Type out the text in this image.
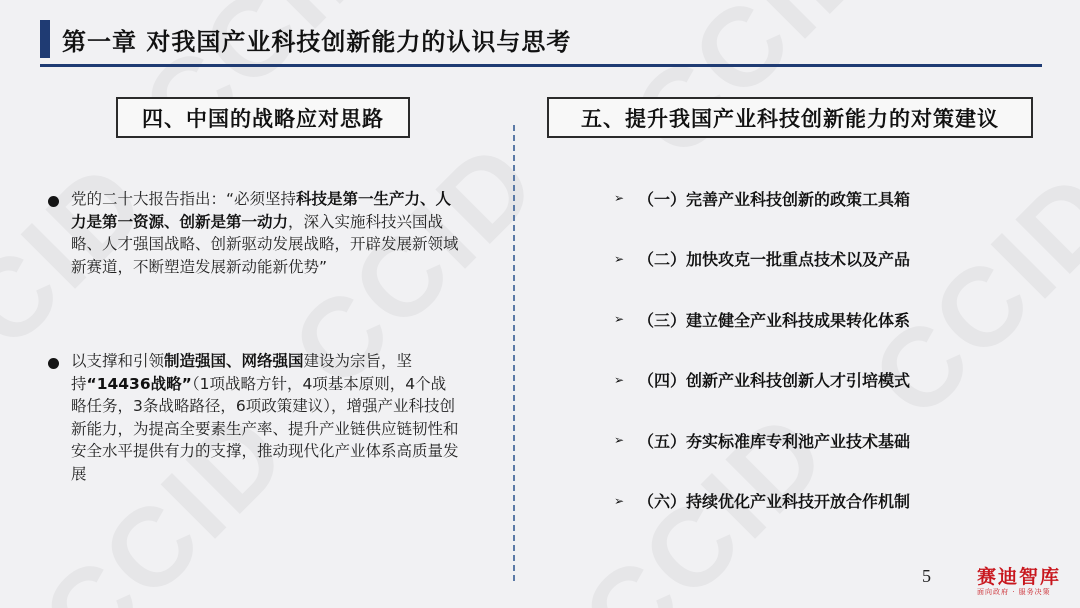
第一章 对我国产业科技创新能力的认识与思考
四、中国的战略应对思路	五、提升我国产业科技创新能力的对策建议
党的二十大报告指出：“必须坚持科技是第一生产力、人力是第一资源、创新是第一动力，深入实施科技兴国战略、人才强国战略、创新驱动发展战略，开辟发展新领域新赛道，不断塑造发展新动能新优势”
以支撑和引领制造强国、网络强国建设为宗旨，坚持“14436战略”（1项战略方针，4项基本原则，4个战略任务，3条战略路径，6项政策建议），增强产业科技创新能力，为提高全要素生产率、提升产业链供应链韧性和安全水平提供有力的支撑，推动现代化产业体系高质量发展
➢ （一）完善产业科技创新的政策工具箱
➢ （二）加快攻克一批重点技术以及产品
➢ （三）建立健全产业科技成果转化体系
➢ （四）创新产业科技创新人才引培模式
➢ （五）夯实标准库专利池产业技术基础
➢ （六）持续优化产业科技开放合作机制
5 赛迪智库
面向政府 · 服务决策
